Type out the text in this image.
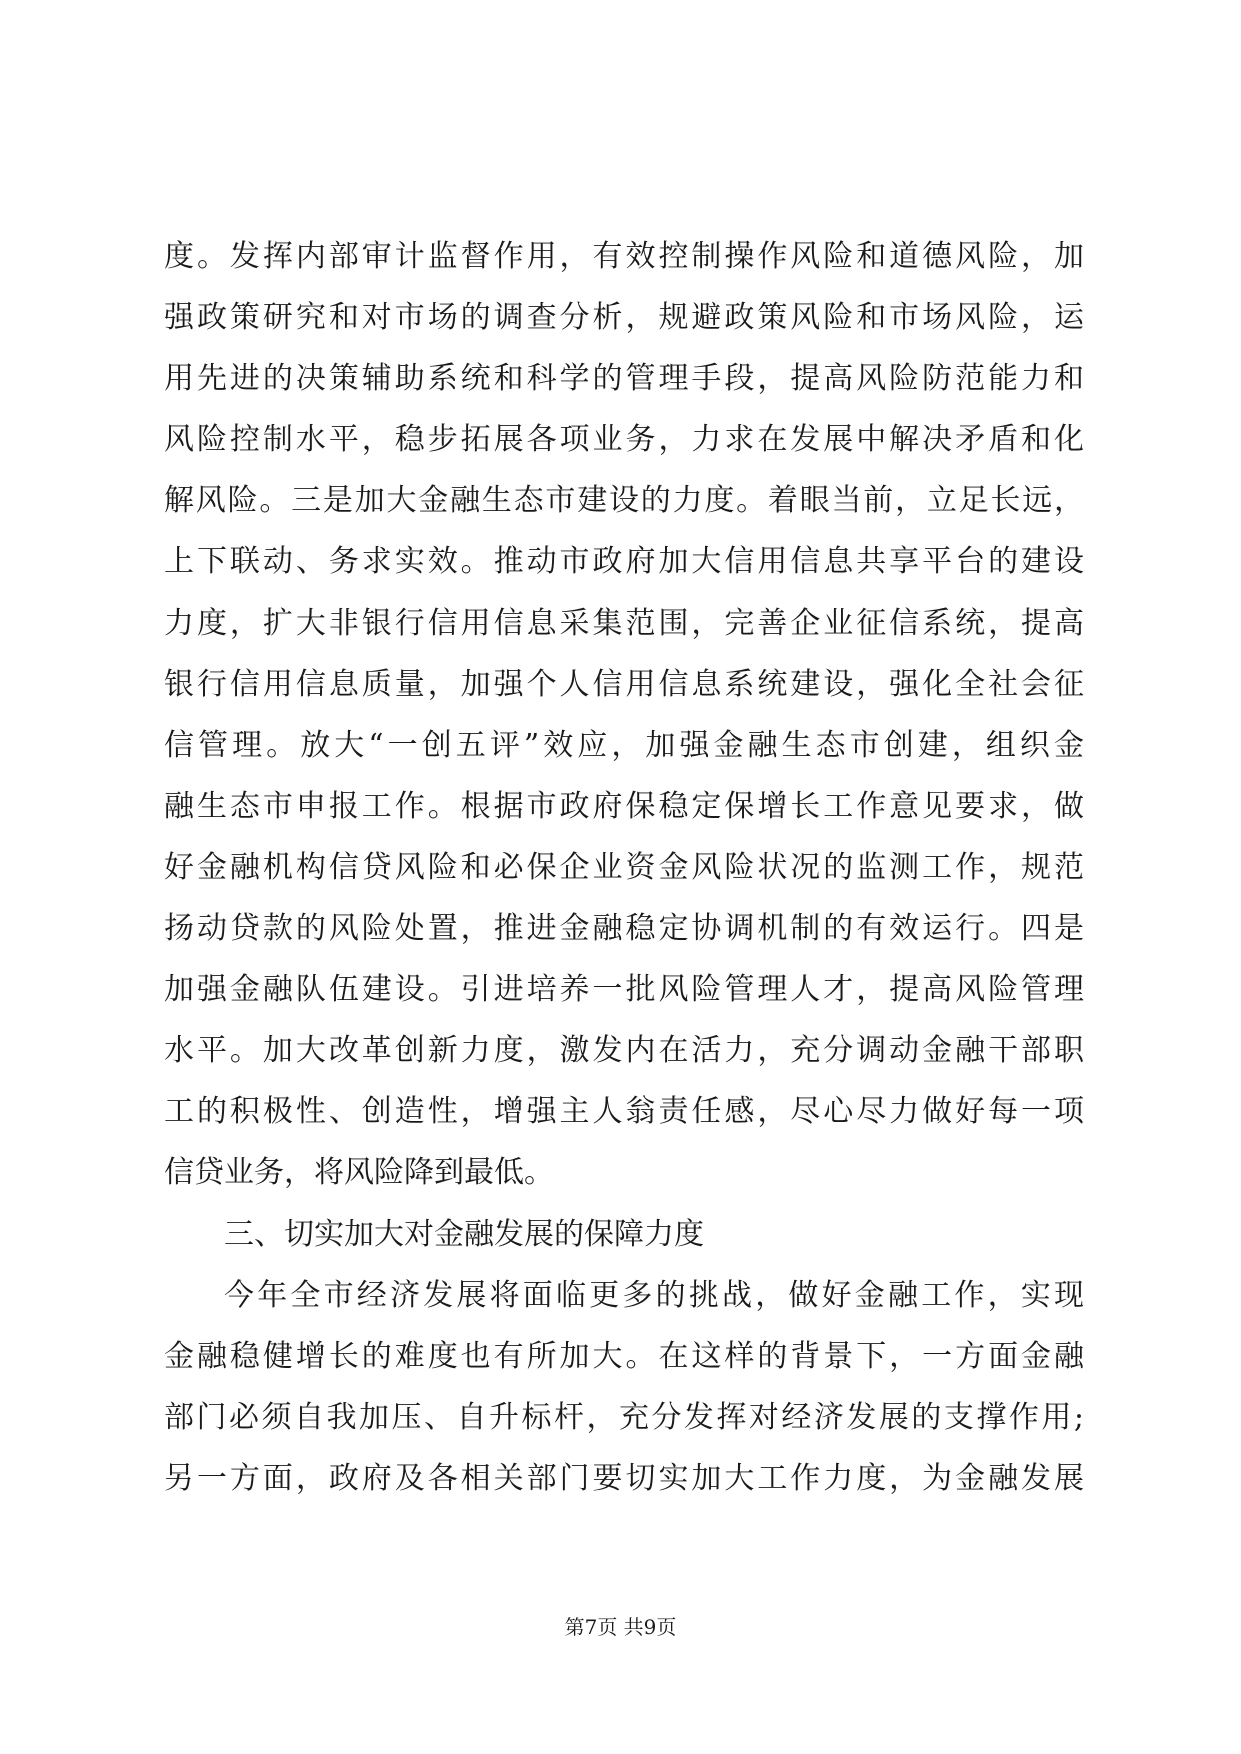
度。发挥内部审计监督作用，有效控制操作风险和道德风险，加
强政策研究和对市场的调查分析，规避政策风险和市场风险，运
用先进的决策辅助系统和科学的管理手段，提高风险防范能力和
风险控制水平，稳步拓展各项业务，力求在发展中解决矛盾和化
解风险。三是加大金融生态市建设的力度。着眼当前，立足长远，
上下联动、务求实效。推动市政府加大信用信息共享平台的建设
力度，扩大非银行信用信息采集范围，完善企业征信系统，提高
银行信用信息质量，加强个人信用信息系统建设，强化全社会征
信管理。放大“一创五评”效应，加强金融生态市创建，组织金
融生态市申报工作。根据市政府保稳定保增长工作意见要求，做
好金融机构信贷风险和必保企业资金风险状况的监测工作，规范
扬动贷款的风险处置，推进金融稳定协调机制的有效运行。四是
加强金融队伍建设。引进培养一批风险管理人才，提高风险管理
水平。加大改革创新力度，激发内在活力，充分调动金融干部职
工的积极性、创造性，增强主人翁责任感，尽心尽力做好每一项
信贷业务，将风险降到最低。
三、切实加大对金融发展的保障力度
今年全市经济发展将面临更多的挑战，做好金融工作，实现
金融稳健增长的难度也有所加大。在这样的背景下，一方面金融
部门必须自我加压、自升标杆，充分发挥对经济发展的支撑作用;
另一方面，政府及各相关部门要切实加大工作力度，为金融发展
第7页 共9页
